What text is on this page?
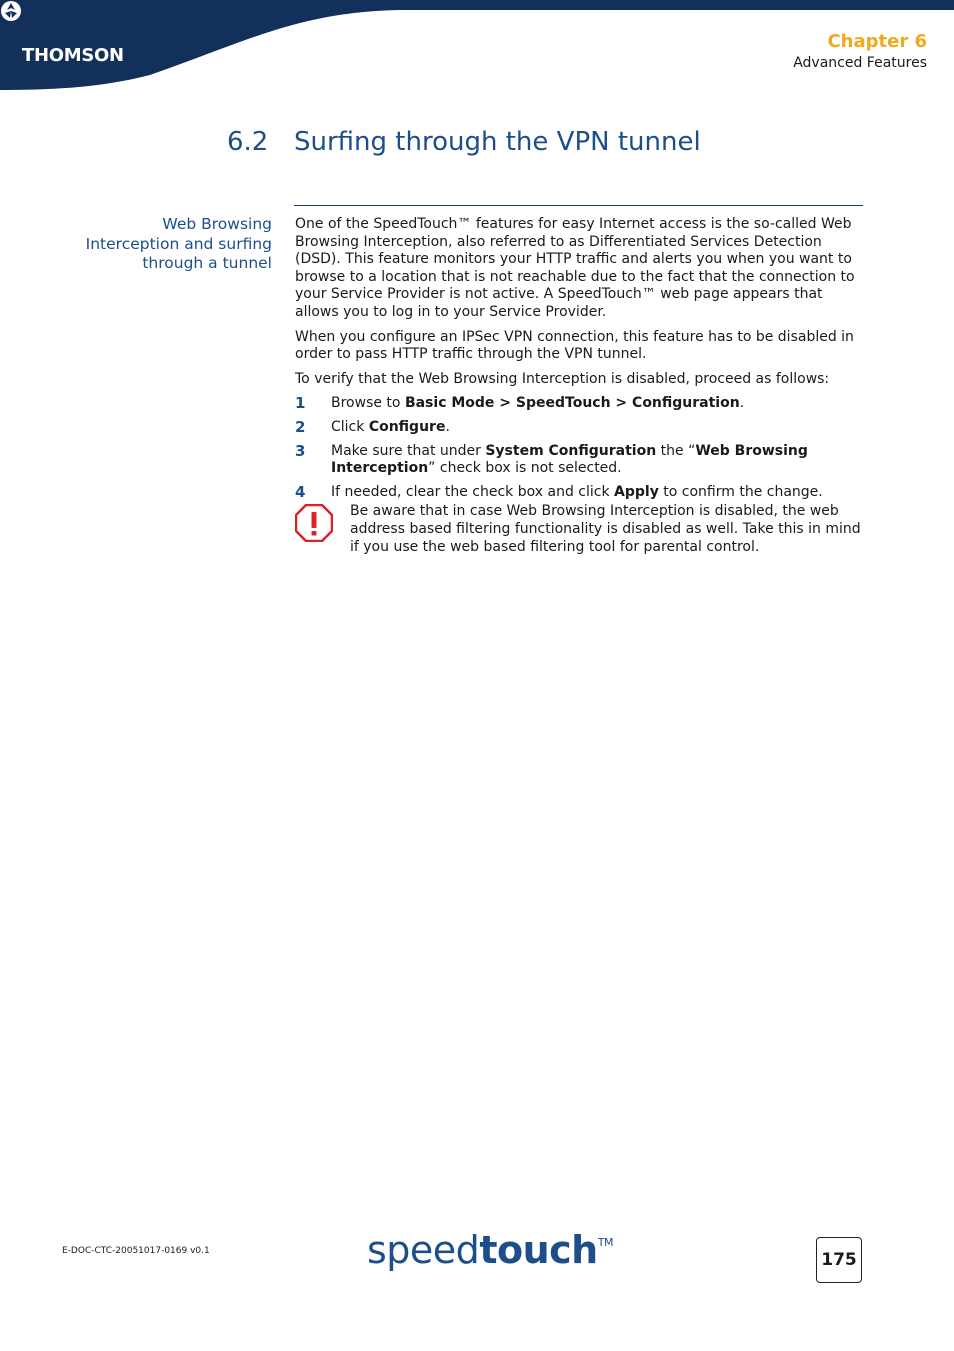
THOMSON
Chapter 6
Advanced Features
6.2 Surfing through the VPN tunnel
Web Browsing
Interception and surfing
through a tunnel

One of the SpeedTouch™ features for easy Internet access is the so-called Web Browsing Interception, also referred to as Differentiated Services Detection (DSD). This feature monitors your HTTP traffic and alerts you when you want to browse to a location that is not reachable due to the fact that the connection to your Service Provider is not active. A SpeedTouch™ web page appears that allows you to log in to your Service Provider.

When you configure an IPSec VPN connection, this feature has to be disabled in order to pass HTTP traffic through the VPN tunnel.

To verify that the Web Browsing Interception is disabled, proceed as follows:

1	Browse to Basic Mode > SpeedTouch > Configuration.
2	Click Configure.
3	Make sure that under System Configuration the “Web Browsing Interception” check box is not selected.
4	If needed, clear the check box and click Apply to confirm the change.
Be aware that in case Web Browsing Interception is disabled, the web address based filtering functionality is disabled as well. Take this in mind if you use the web based filtering tool for parental control.
E-DOC-CTC-20051017-0169 v0.1	speedtouch™
175
